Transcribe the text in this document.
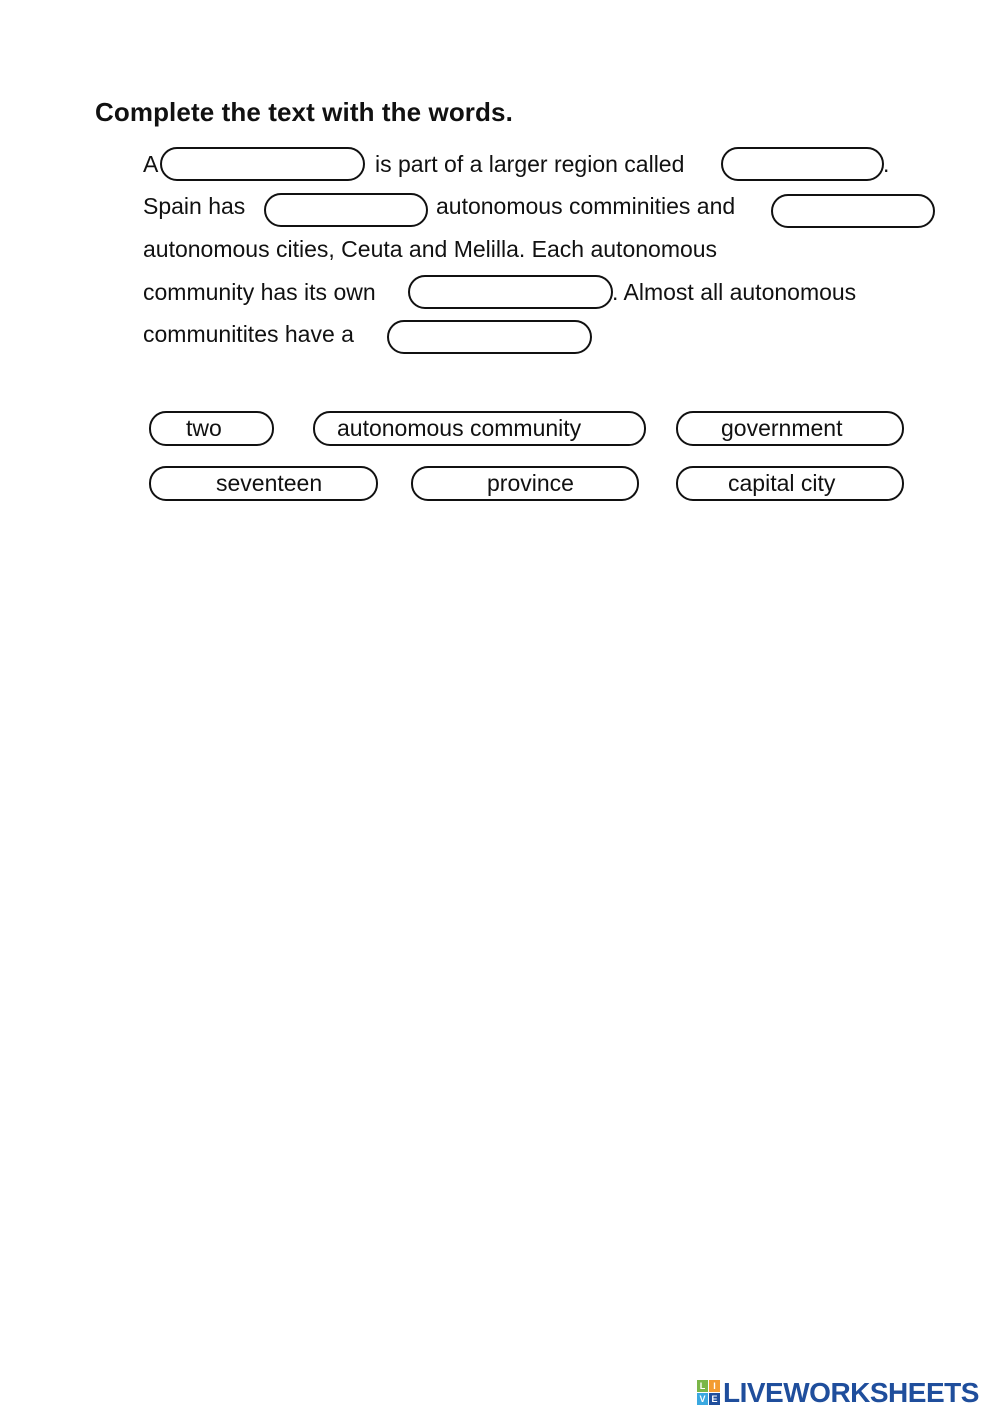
Complete the text with the words.
A	is part of a larger region called	.
Spain has	autonomous comminities and
autonomous cities, Ceuta and Melilla. Each autonomous
community has its own	. Almost all autonomous
communitites have a
two	autonomous community	government
seventeen	province	capital city
L I
V E LIVEWORKSHEETS
